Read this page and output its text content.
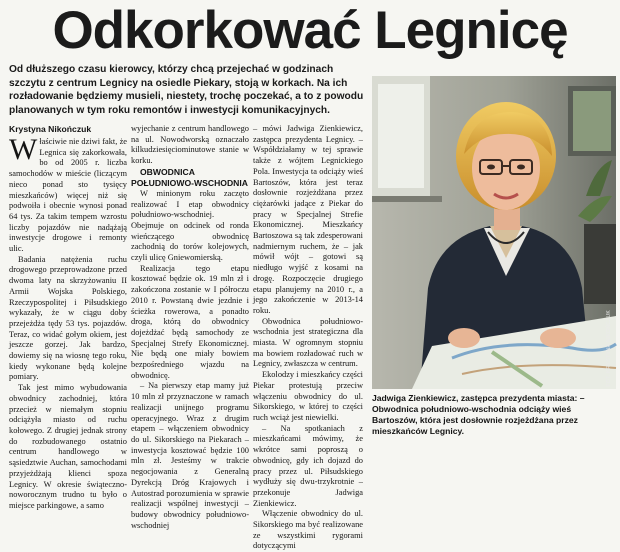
Odkorkować Legnicę
Od dłuższego czasu kierowcy, którzy chcą przejechać w godzinach szczytu z centrum Legnicy na osiedle Piekary, stoją w korkach. Na ich rozładowanie będziemy musieli, niestety, trochę poczekać, a to z powodu planowanych w tym roku remontów i inwestycji komunikacyjnych.
Krystyna Nikończuk

Właściwie nie dziwi fakt, że Legnica się zakorkowała, bo od 2005 r. liczba samochodów w mieście (liczącym nieco ponad sto tysięcy mieszkańców) więcej niż się podwoiła i obecnie wynosi ponad 64 tys. Za takim tempem wzrostu liczby pojazdów nie nadążają inwestycje drogowe i remonty ulic.

Badania natężenia ruchu drogowego przeprowadzone przed dwoma laty na skrzyżowaniu II Armii Wojska Polskiego, Rzeczypospolitej i Piłsudskiego wykazały, że w ciągu doby przejeżdża tędy 53 tys. pojazdów. Teraz, co widać gołym okiem, jest jeszcze gorzej. Jak bardzo, dowiemy się na wiosnę tego roku, kiedy wykonane będą kolejne pomiary.

Tak jest mimo wybudowania obwodnicy zachodniej, która przecież w niemałym stopniu odciążyła miasto od ruchu kołowego. Z drugiej jednak strony do rozbudowanego ostatnio centrum handlowego w sąsiedztwie Auchan, samochodami przyjeżdżają klienci spoza Legnicy. W okresie świąteczno-noworocznym trudno tu było o miejsce parkingowe, a samo

wyjechanie z centrum handlowego na ul. Nowodworską oznaczało kilkudziesięciominutowe stanie w korku.

OBWODNICA POŁUDNIOWO-WSCHODNIA

W minionym roku zaczęto realizować I etap obwodnicy południowo-wschodniej. Obejmuje on odcinek od ronda wieńczącego obwodnicę zachodnią do torów kolejowych, czyli ulicę Gniewomierską.

Realizacja tego etapu kosztować będzie ok. 19 mln zł i zakończona zostanie w I półroczu 2010 r. Powstaną dwie jezdnie i ścieżka rowerowa, a ponadto droga, którą do obwodnicy dojeżdżać będą samochody ze Specjalnej Strefy Ekonomicznej. Nie będą one miały bowiem bezpośredniego wjazdu na obwodnicę.

– Na pierwszy etap mamy już 10 mln zł przyznaczone w ramach realizacji unijnego programu operacyjnego. Wraz z drugim etapem – włączeniem obwodnicy do ul. Sikorskiego na Piekarach – inwestycja kosztować będzie 100 mln zł. Jesteśmy w trakcie negocjowania z Generalną Dyrekcją Dróg Krajowych i Autostrad porozumienia w sprawie realizacji wspólnej inwestycji – budowy obwodnicy południowo-wschodniej

– mówi Jadwiga Zienkiewicz, zastępca prezydenta Legnicy. – Współdziałamy w tej sprawie także z wójtem Legnickiego Pola. Inwestycja ta odciąży wieś Bartoszów, która jest teraz dosłownie rozjeżdżana przez ciężarówki jadące z Piekar do pracy w Specjalnej Strefie Ekonomicznej. Mieszkańcy Bartoszowa są tak zdesperowani nadmiernym ruchem, że – jak mówił wójt – gotowi są niedługo wyjść z kosami na drogę. Rozpoczęcie drugiego etapu planujemy na 2010 r., a jego zakończenie w 2013-14 roku.

Obwodnica południowo-wschodnia jest strategiczna dla miasta. W ogromnym stopniu ma bowiem rozładować ruch w Legnicy, zwłaszcza w centrum.

Ekolodzy i mieszkańcy części Piekar protestują przeciw włączeniu obwodnicy do ul. Sikorskiego, w której to części ruch wciąż jest niewielki.

– Na spotkaniach z mieszkańcami mówimy, że wkrótce sami poproszą o obwodnicę, gdy ich dojazd do pracy przez ul. Piłsudskiego wydłuży się dwu-trzykrotnie – przekonuje Jadwiga Zienkiewicz.

Włączenie obwodnicy do ul. Sikorskiego ma być realizowane ze wszystkimi rygorami dotyczącymi

FOT. KRYSTYNA NIKOŃCZUK
Jadwiga Zienkiewicz, zastępca prezydenta miasta: – Obwodnica południowo-wschodnia odciąży wieś Bartoszów, która jest dosłownie rozjeżdżana przez mieszkańców Legnicy.
